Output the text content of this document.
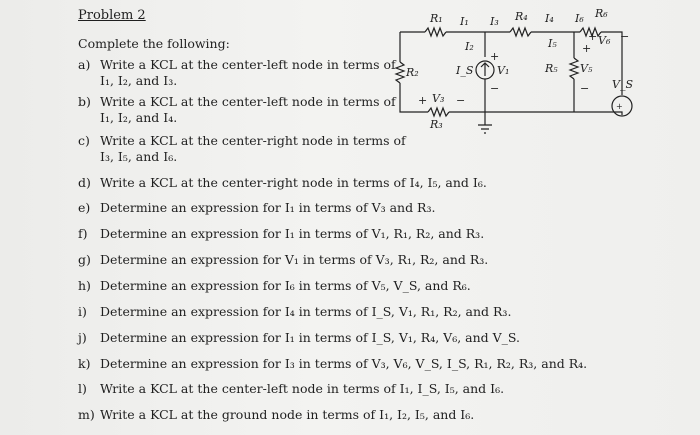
Problem 2
Complete the following:
a) Write a KCL at the center-left node in terms of
I₁, I₂, and I₃.
b) Write a KCL at the center-left node in terms of
I₁, I₂, and I₄.
c) Write a KCL at the center-right node in terms of
I₃, I₅, and I₆.
d) Write a KCL at the center-right node in terms of I₄, I₅, and I₆.
e) Determine an expression for I₁ in terms of V₃ and R₃.
f) Determine an expression for I₁ in terms of V₁, R₁, R₂, and R₃.
g) Determine an expression for V₁ in terms of V₃, R₁, R₂, and R₃.
h) Determine an expression for I₆ in terms of V₅, V_S, and R₆.
i) Determine an expression for I₄ in terms of I_S, V₁, R₁, R₂, and R₃.
j) Determine an expression for I₁ in terms of I_S, V₁, R₄, V₆, and V_S.
k) Determine an expression for I₃ in terms of V₃, V₆, V_S, I_S, R₁, R₂, R₃, and R₄.
l) Write a KCL at the center-left node in terms of I₁, I_S, I₅, and I₆.
m) Write a KCL at the ground node in terms of I₁, I₂, I₅, and I₆.
R₁ I₁ I₃ R₄ I₄ I₆ R₆
+ V₆ −
I₂
+
V₁
−
I_S
I₅ +
V₅
−
R₅
R₂
+ V₃ −
R₃
V_S
+
